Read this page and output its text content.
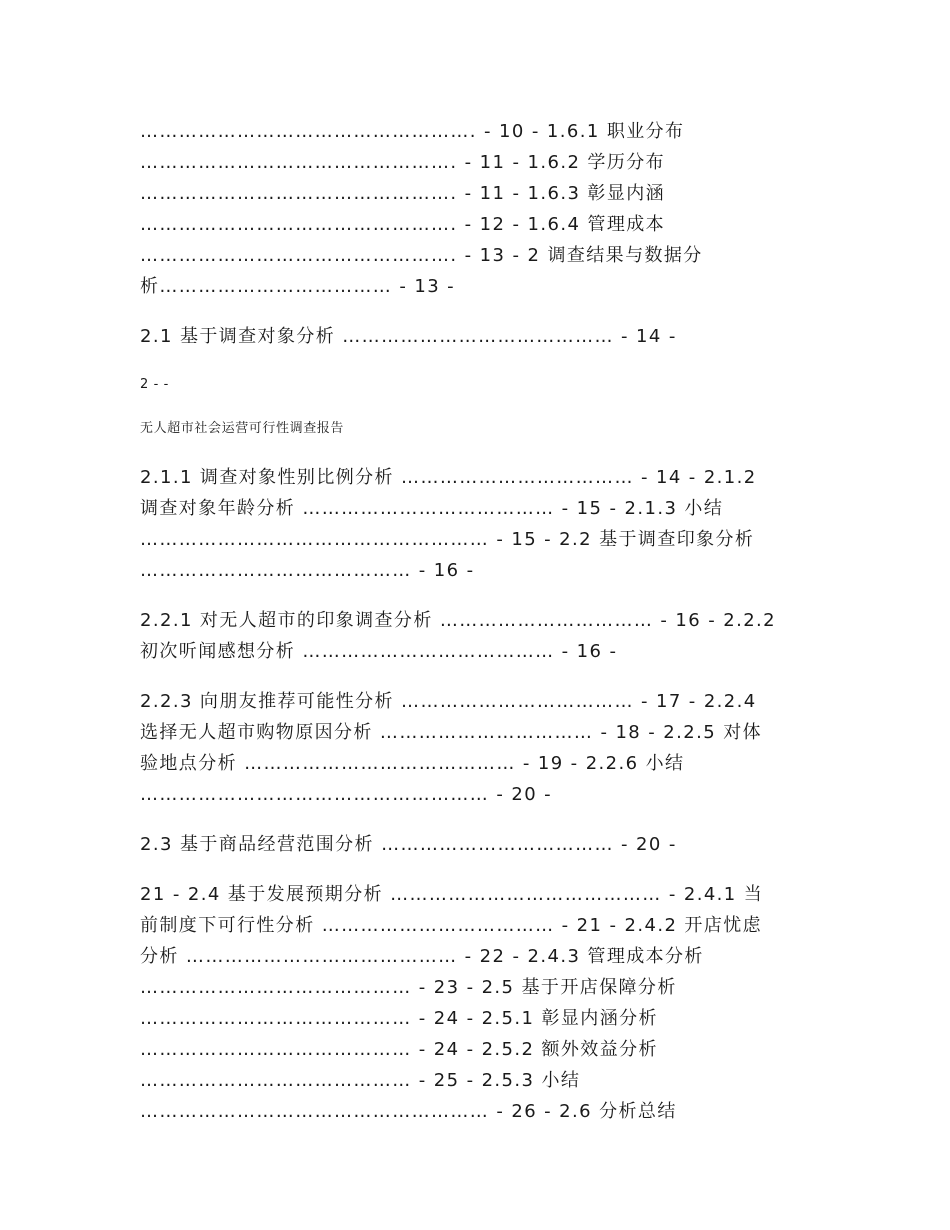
……………………………………………. - 10 - 1.6.1 职业分布
…………………………………………. - 11 - 1.6.2 学历分布
…………………………………………. - 11 - 1.6.3 彰显内涵
…………………………………………. - 12 - 1.6.4 管理成本
…………………………………………. - 13 - 2 调查结果与数据分
析……………………………… - 13 -

2.1 基于调查对象分析 …………………………………… - 14 -

2 - -

无人超市社会运营可行性调查报告

2.1.1 调查对象性别比例分析 ……………………………… - 14 - 2.1.2
调查对象年龄分析 ………………………………… - 15 - 2.1.3 小结
……………………………………………… - 15 - 2.2 基于调查印象分析
…………………………………… - 16 -

2.2.1 对无人超市的印象调查分析 …………………………… - 16 - 2.2.2
初次听闻感想分析 ………………………………… - 16 -

2.2.3 向朋友推荐可能性分析 ……………………………… - 17 - 2.2.4
选择无人超市购物原因分析 …………………………… - 18 - 2.2.5 对体
验地点分析 …………………………………… - 19 - 2.2.6 小结
……………………………………………… - 20 -

2.3 基于商品经营范围分析 ……………………………… - 20 -

21 - 2.4 基于发展预期分析 …………………………………… - 2.4.1 当
前制度下可行性分析 ……………………………… - 21 - 2.4.2 开店忧虑
分析 …………………………………… - 22 - 2.4.3 管理成本分析
…………………………………… - 23 - 2.5 基于开店保障分析
…………………………………… - 24 - 2.5.1 彰显内涵分析
…………………………………… - 24 - 2.5.2 额外效益分析
…………………………………… - 25 - 2.5.3 小结
……………………………………………… - 26 - 2.6 分析总结
